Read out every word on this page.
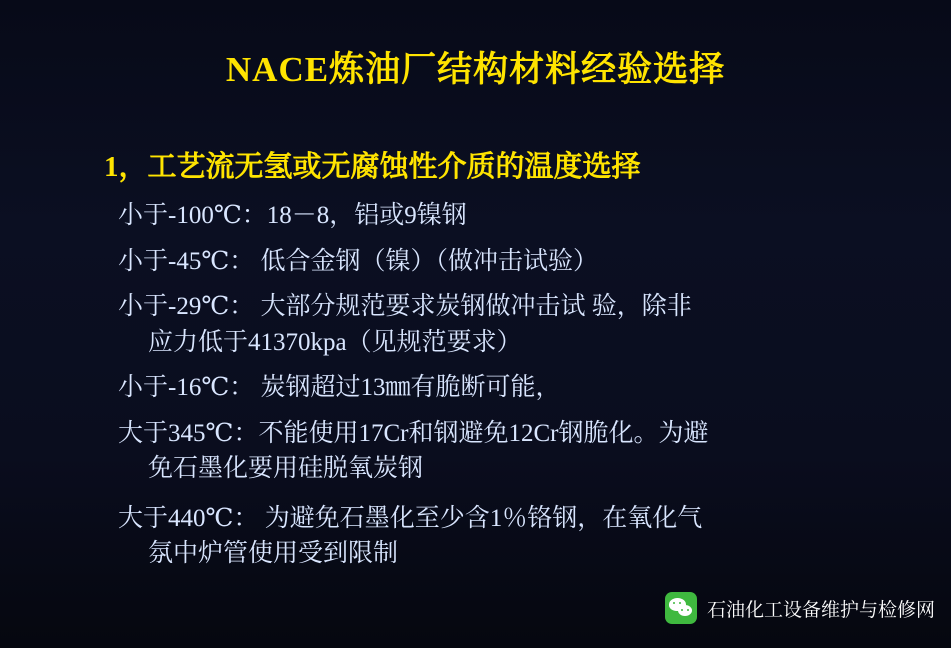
NACE炼油厂结构材料经验选择
1，工艺流无氢或无腐蚀性介质的温度选择
小于-100℃：18－8，铝或9镍钢
小于-45℃： 低合金钢（镍）（做冲击试验）
小于-29℃： 大部分规范要求炭钢做冲击试 验，除非
应力低于41370kpa（见规范要求）
小于-16℃： 炭钢超过13㎜有脆断可能，
大于345℃：不能使用17Cr和钢避免12Cr钢脆化。为避
免石墨化要用硅脱氧炭钢
大于440℃： 为避免石墨化至少含1％铬钢，在氧化气
氛中炉管使用受到限制
石油化工设备维护与检修网
